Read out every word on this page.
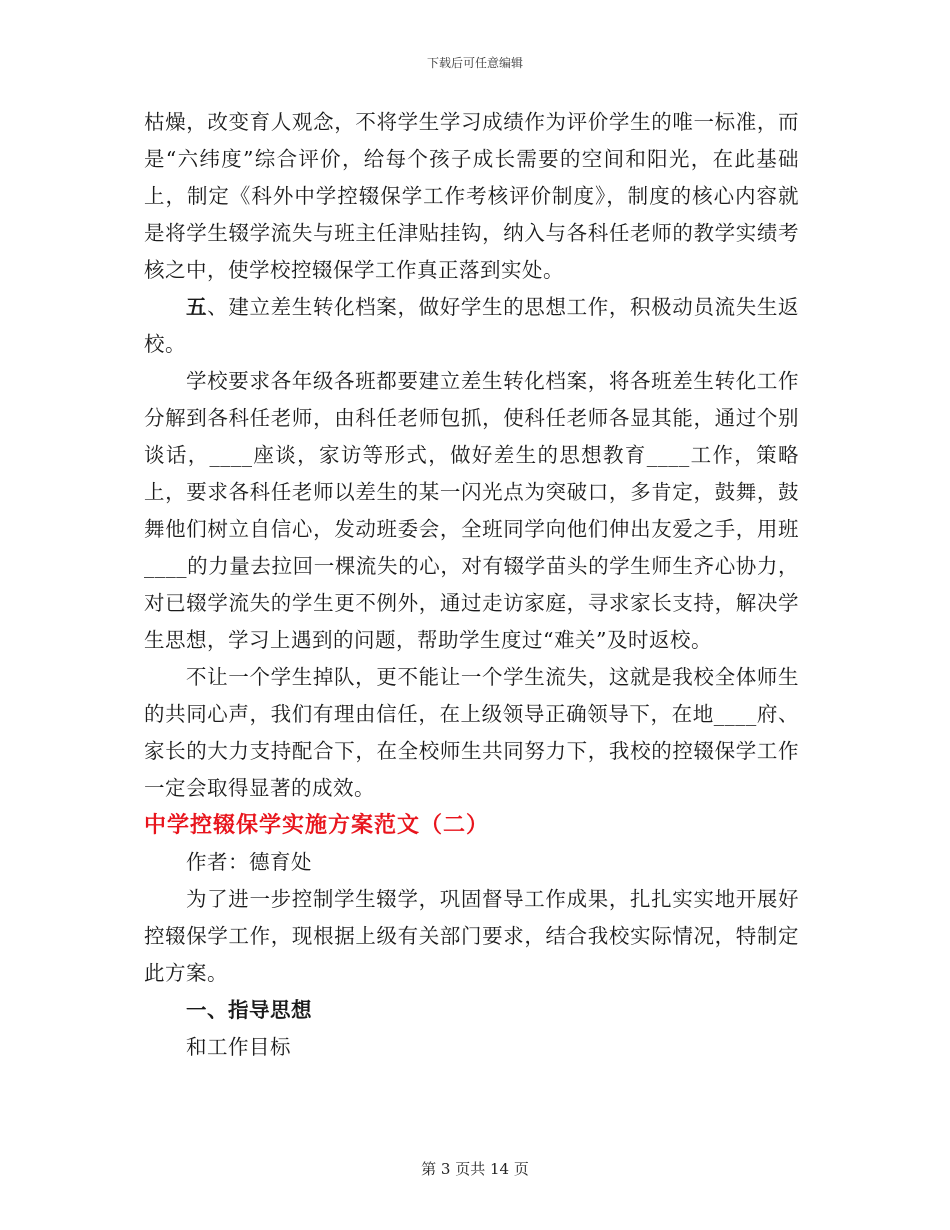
下载后可任意编辑

枯燥，改变育人观念，不将学生学习成绩作为评价学生的唯一标准，而是“六纬度”综合评价，给每个孩子成长需要的空间和阳光，在此基础上，制定《科外中学控辍保学工作考核评价制度》，制度的核心内容就是将学生辍学流失与班主任津贴挂钩，纳入与各科任老师的教学实绩考核之中，使学校控辍保学工作真正落到实处。

五、建立差生转化档案，做好学生的思想工作，积极动员流失生返校。

学校要求各年级各班都要建立差生转化档案，将各班差生转化工作分解到各科任老师，由科任老师包抓，使科任老师各显其能，通过个别谈话，____座谈，家访等形式，做好差生的思想教育____工作，策略上，要求各科任老师以差生的某一闪光点为突破口，多肯定，鼓舞，鼓舞他们树立自信心，发动班委会，全班同学向他们伸出友爱之手，用班____的力量去拉回一棵流失的心，对有辍学苗头的学生师生齐心协力，对已辍学流失的学生更不例外，通过走访家庭，寻求家长支持，解决学生思想，学习上遇到的问题，帮助学生度过“难关”及时返校。

不让一个学生掉队，更不能让一个学生流失，这就是我校全体师生的共同心声，我们有理由信任，在上级领导正确领导下，在地____府、家长的大力支持配合下，在全校师生共同努力下，我校的控辍保学工作一定会取得显著的成效。

中学控辍保学实施方案范文（二）

作者：德育处

为了进一步控制学生辍学，巩固督导工作成果，扎扎实实地开展好控辍保学工作，现根据上级有关部门要求，结合我校实际情况，特制定此方案。

一、指导思想

和工作目标

第 3 页共 14 页
